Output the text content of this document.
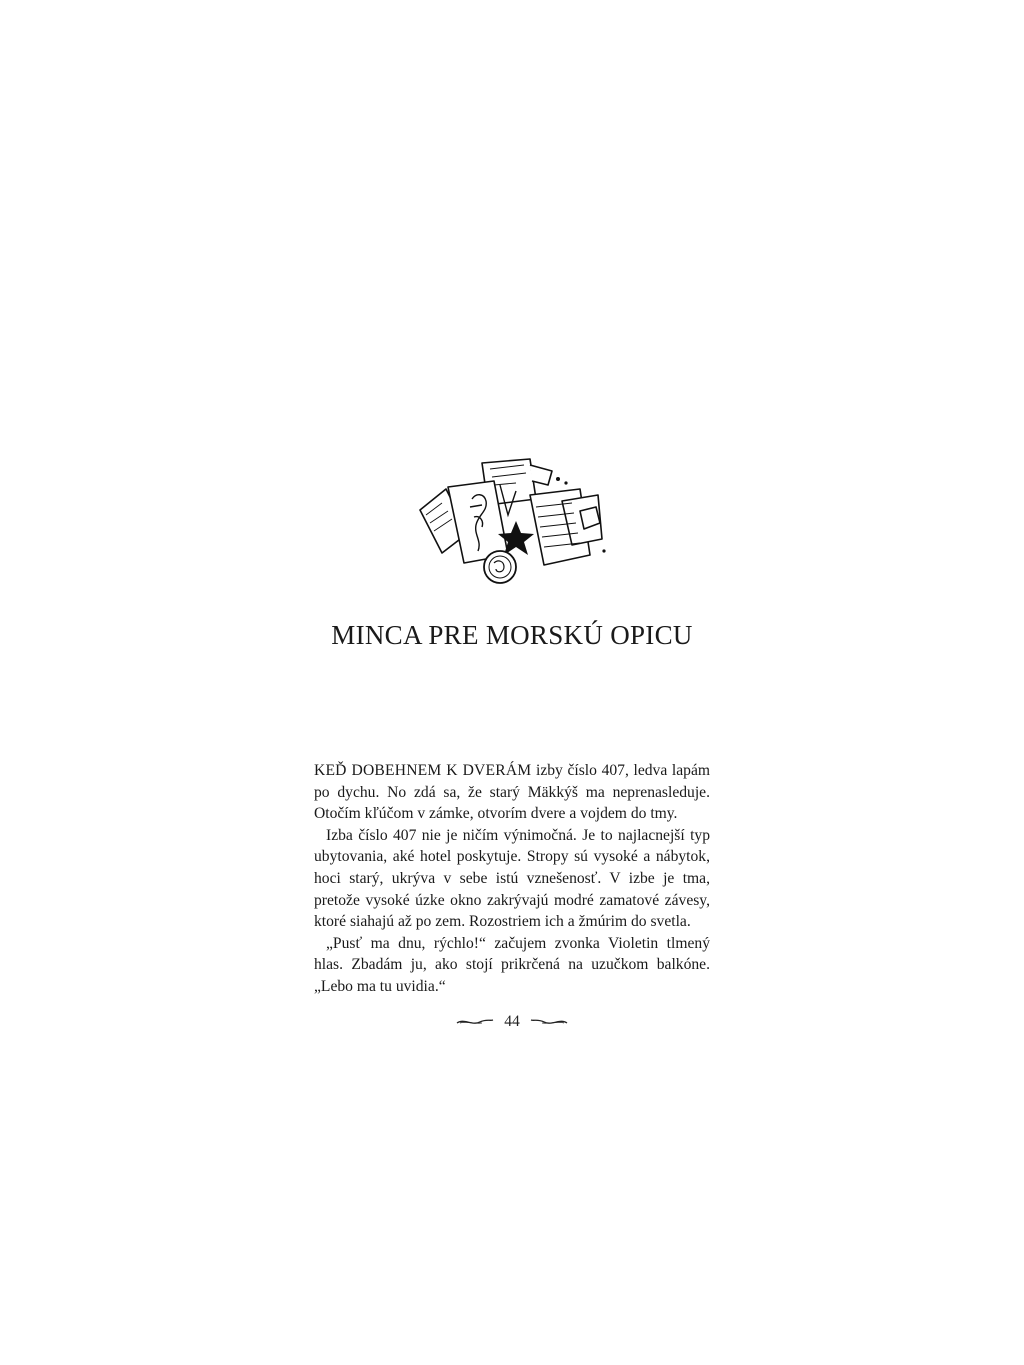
MINCA PRE MORSKÚ OPICU

KEĎ DOBEHNEM K DVERÁM izby číslo 407, ledva lapám po dychu. No zdá sa, že starý Mäkkýš ma neprenasleduje. Otočím kľúčom v zámke, otvorím dvere a vojdem do tmy.

Izba číslo 407 nie je ničím výnimočná. Je to najlacnejší typ ubytovania, aké hotel poskytuje. Stropy sú vysoké a nábytok, hoci starý, ukrýva v sebe istú vznešenosť. V izbe je tma, pretože vysoké úzke okno zakrývajú modré zamatové závesy, ktoré siahajú až po zem. Rozostriem ich a žmúrim do svetla.

„Pusť ma dnu, rýchlo!“ začujem zvonka Violetin tlmený hlas. Zbadám ju, ako stojí prikrčená na uzučkom balkóne. „Lebo ma tu uvidia.“

44
